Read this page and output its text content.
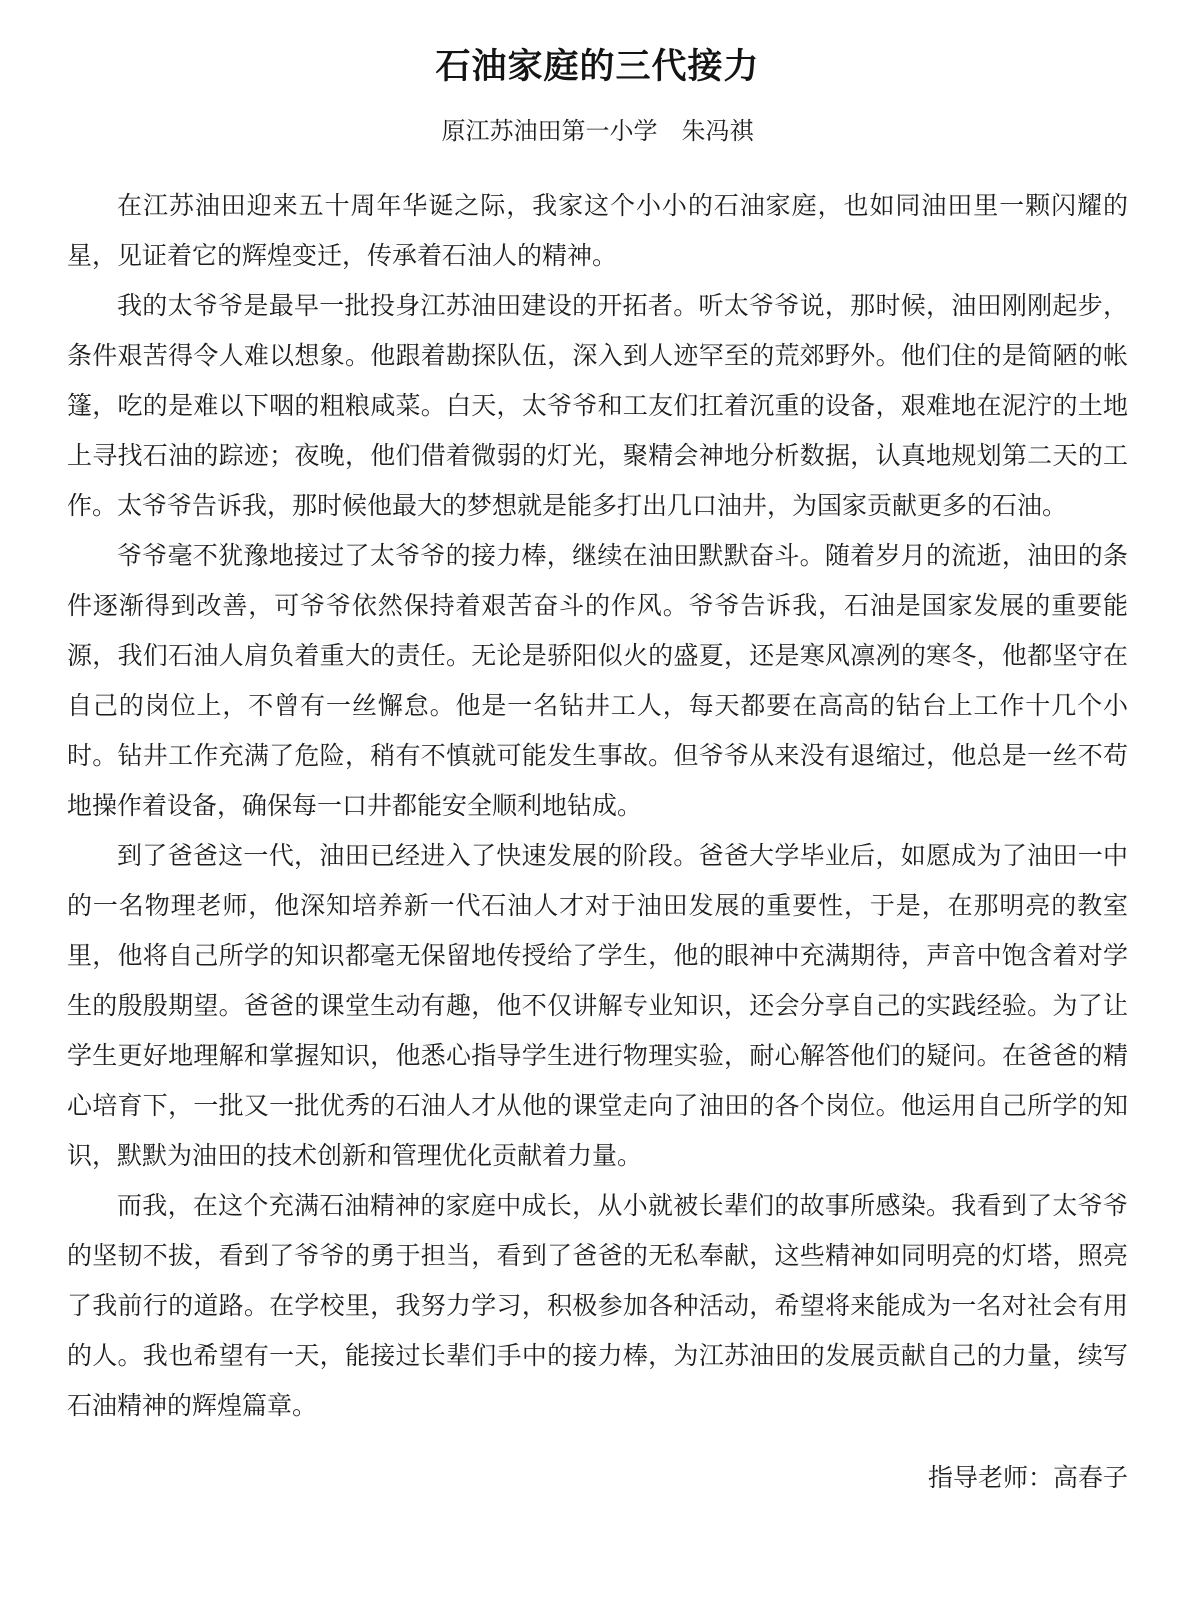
石油家庭的三代接力
原江苏油田第一小学　朱冯祺

在江苏油田迎来五十周年华诞之际，我家这个小小的石油家庭，也如同油田里一颗闪耀的星，见证着它的辉煌变迁，传承着石油人的精神。

我的太爷爷是最早一批投身江苏油田建设的开拓者。听太爷爷说，那时候，油田刚刚起步，条件艰苦得令人难以想象。他跟着勘探队伍，深入到人迹罕至的荒郊野外。他们住的是简陋的帐篷，吃的是难以下咽的粗粮咸菜。白天，太爷爷和工友们扛着沉重的设备，艰难地在泥泞的土地上寻找石油的踪迹；夜晚，他们借着微弱的灯光，聚精会神地分析数据，认真地规划第二天的工作。太爷爷告诉我，那时候他最大的梦想就是能多打出几口油井，为国家贡献更多的石油。

爷爷毫不犹豫地接过了太爷爷的接力棒，继续在油田默默奋斗。随着岁月的流逝，油田的条件逐渐得到改善，可爷爷依然保持着艰苦奋斗的作风。爷爷告诉我，石油是国家发展的重要能源，我们石油人肩负着重大的责任。无论是骄阳似火的盛夏，还是寒风凛冽的寒冬，他都坚守在自己的岗位上，不曾有一丝懈怠。他是一名钻井工人，每天都要在高高的钻台上工作十几个小时。钻井工作充满了危险，稍有不慎就可能发生事故。但爷爷从来没有退缩过，他总是一丝不苟地操作着设备，确保每一口井都能安全顺利地钻成。

到了爸爸这一代，油田已经进入了快速发展的阶段。爸爸大学毕业后，如愿成为了油田一中的一名物理老师，他深知培养新一代石油人才对于油田发展的重要性，于是，在那明亮的教室里，他将自己所学的知识都毫无保留地传授给了学生，他的眼神中充满期待，声音中饱含着对学生的殷殷期望。爸爸的课堂生动有趣，他不仅讲解专业知识，还会分享自己的实践经验。为了让学生更好地理解和掌握知识，他悉心指导学生进行物理实验，耐心解答他们的疑问。在爸爸的精心培育下，一批又一批优秀的石油人才从他的课堂走向了油田的各个岗位。他运用自己所学的知识，默默为油田的技术创新和管理优化贡献着力量。

而我，在这个充满石油精神的家庭中成长，从小就被长辈们的故事所感染。我看到了太爷爷的坚韧不拔，看到了爷爷的勇于担当，看到了爸爸的无私奉献，这些精神如同明亮的灯塔，照亮了我前行的道路。在学校里，我努力学习，积极参加各种活动，希望将来能成为一名对社会有用的人。我也希望有一天，能接过长辈们手中的接力棒，为江苏油田的发展贡献自己的力量，续写石油精神的辉煌篇章。

指导老师：高春子
